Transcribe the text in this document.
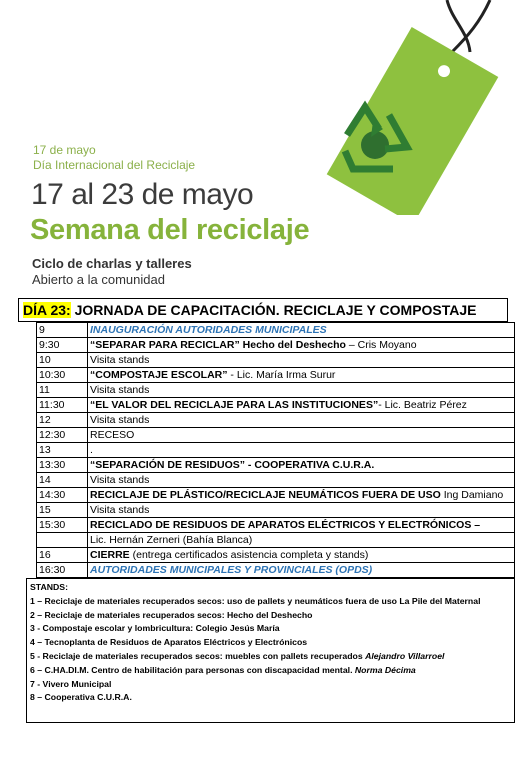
17 de mayo
Día Internacional del Reciclaje
17 al 23 de mayo
Semana del reciclaje
Ciclo de charlas y talleres
Abierto a la comunidad
DÍA 23: JORNADA DE CAPACITACIÓN. RECICLAJE Y COMPOSTAJE
9	INAUGURACIÓN AUTORIDADES MUNICIPALES
9:30	“SEPARAR PARA RECICLAR” Hecho del Deshecho – Cris Moyano
10	Visita stands
10:30	“COMPOSTAJE ESCOLAR” - Lic. María Irma Surur
11	Visita stands
11:30	“EL VALOR DEL RECICLAJE PARA LAS INSTITUCIONES”- Lic. Beatriz Pérez
12	Visita stands
12:30	RECESO
13	.
13:30	“SEPARACIÓN DE RESIDUOS” - COOPERATIVA C.U.R.A.
14	Visita stands
14:30	RECICLAJE DE PLÁSTICO/RECICLAJE NEUMÁTICOS FUERA DE USO Ing Damiano
15	Visita stands
15:30	RECICLADO DE RESIDUOS DE APARATOS ELÉCTRICOS Y ELECTRÓNICOS –
	Lic. Hernán Zerneri (Bahía Blanca)
16	CIERRE (entrega certificados asistencia completa y stands)
16:30	AUTORIDADES MUNICIPALES Y PROVINCIALES (OPDS)
STANDS:
1 – Reciclaje de materiales recuperados secos: uso de pallets y neumáticos fuera de uso La Pile del Maternal
2 – Reciclaje de materiales recuperados secos: Hecho del Deshecho
3 - Compostaje escolar y lombricultura: Colegio Jesús María
4 – Tecnoplanta de Residuos de Aparatos Eléctricos y Electrónicos
5 - Reciclaje de materiales recuperados secos: muebles con pallets recuperados Alejandro Villarroel
6 – C.HA.DI.M. Centro de habilitación para personas con discapacidad mental. Norma Décima
7 - Vivero Municipal
8 – Cooperativa C.U.R.A.
